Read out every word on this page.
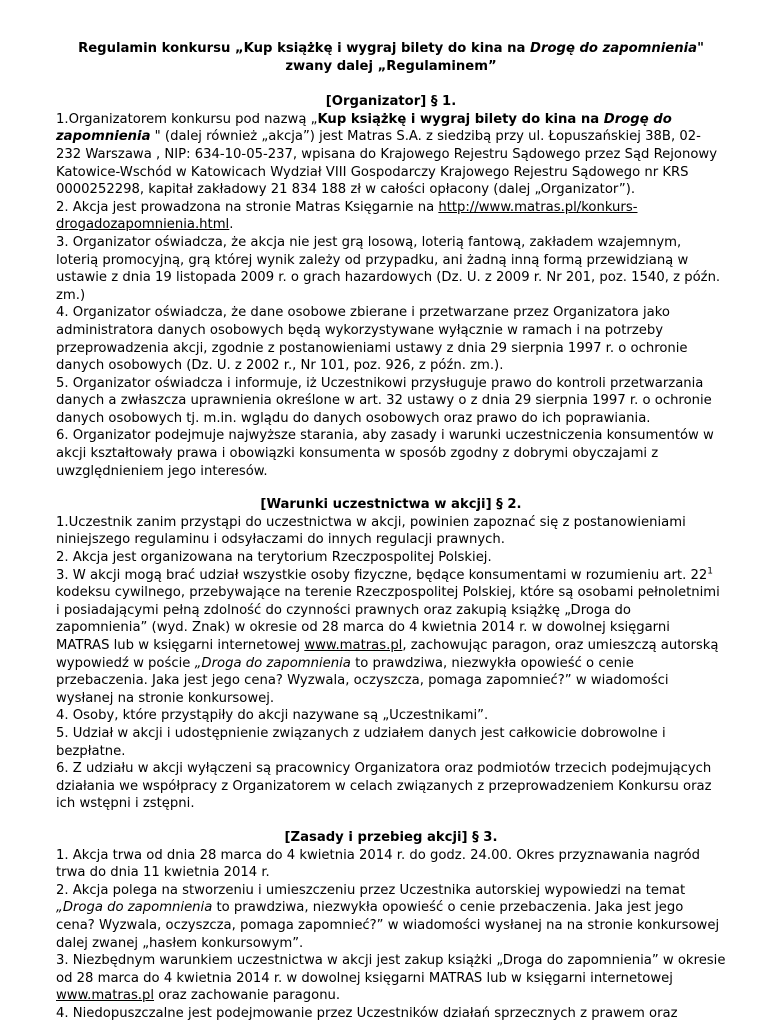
Regulamin konkursu „Kup książkę i wygraj bilety do kina na Drogę do zapomnienia"
zwany dalej „Regulaminem”
[Organizator] § 1.

1.Organizatorem konkursu pod nazwą „Kup książkę i wygraj bilety do kina na Drogę do zapomnienia " (dalej również „akcja”) jest Matras S.A. z siedzibą przy ul. Łopuszańskiej 38B, 02-232 Warszawa , NIP: 634-10-05-237, wpisana do Krajowego Rejestru Sądowego przez Sąd Rejonowy Katowice-Wschód w Katowicach Wydział VIII Gospodarczy Krajowego Rejestru Sądowego nr KRS 0000252298, kapitał zakładowy 21 834 188 zł w całości opłacony (dalej „Organizator”).

2. Akcja jest prowadzona na stronie Matras Księgarnie na http://www.matras.pl/konkurs-drogadozapomnienia.html.

3. Organizator oświadcza, że akcja nie jest grą losową, loterią fantową, zakładem wzajemnym, loterią promocyjną, grą której wynik zależy od przypadku, ani żadną inną formą przewidzianą w ustawie z dnia 19 listopada 2009 r. o grach hazardowych (Dz. U. z 2009 r. Nr 201, poz. 1540, z późn. zm.)

4. Organizator oświadcza, że dane osobowe zbierane i przetwarzane przez Organizatora jako administratora danych osobowych będą wykorzystywane wyłącznie w ramach i na potrzeby przeprowadzenia akcji, zgodnie z postanowieniami ustawy z dnia 29 sierpnia 1997 r. o ochronie danych osobowych (Dz. U. z 2002 r., Nr 101, poz. 926, z późn. zm.).

5. Organizator oświadcza i informuje, iż Uczestnikowi przysługuje prawo do kontroli przetwarzania danych a zwłaszcza uprawnienia określone w art. 32 ustawy o z dnia 29 sierpnia 1997 r. o ochronie danych osobowych tj. m.in. wglądu do danych osobowych oraz prawo do ich poprawiania.

6. Organizator podejmuje najwyższe starania, aby zasady i warunki uczestniczenia konsumentów w akcji kształtowały prawa i obowiązki konsumenta w sposób zgodny z dobrymi obyczajami z uwzględnieniem jego interesów.

[Warunki uczestnictwa w akcji] § 2.

1.Uczestnik zanim przystąpi do uczestnictwa w akcji, powinien zapoznać się z postanowieniami niniejszego regulaminu i odsyłaczami do innych regulacji prawnych.

2. Akcja jest organizowana na terytorium Rzeczpospolitej Polskiej.

3. W akcji mogą brać udział wszystkie osoby fizyczne, będące konsumentami w rozumieniu art. $22^1$ kodeksu cywilnego, przebywające na terenie Rzeczpospolitej Polskiej, które są osobami pełnoletnimi i posiadającymi pełną zdolność do czynności prawnych oraz zakupią książkę „Droga do zapomnienia” (wyd. Znak) w okresie od 28 marca do 4 kwietnia 2014 r. w dowolnej księgarni MATRAS lub w księgarni internetowej www.matras.pl, zachowując paragon, oraz umieszczą autorską wypowiedź w poście „Droga do zapomnienia to prawdziwa, niezwykła opowieść o cenie przebaczenia. Jaka jest jego cena? Wyzwala, oczyszcza, pomaga zapomnieć?” w wiadomości wysłanej na stronie konkursowej.

4. Osoby, które przystąpiły do akcji nazywane są „Uczestnikami”.

5. Udział w akcji i udostępnienie związanych z udziałem danych jest całkowicie dobrowolne i bezpłatne.

6. Z udziału w akcji wyłączeni są pracownicy Organizatora oraz podmiotów trzecich podejmujących działania we współpracy z Organizatorem w celach związanych z przeprowadzeniem Konkursu oraz ich wstępni i zstępni.

[Zasady i przebieg akcji] § 3.

1. Akcja trwa od dnia 28 marca do 4 kwietnia 2014 r. do godz. 24.00. Okres przyznawania nagród trwa do dnia 11 kwietnia 2014 r.

2. Akcja polega na stworzeniu i umieszczeniu przez Uczestnika autorskiej wypowiedzi na temat „Droga do zapomnienia to prawdziwa, niezwykła opowieść o cenie przebaczenia. Jaka jest jego cena? Wyzwala, oczyszcza, pomaga zapomnieć?” w wiadomości wysłanej na na stronie konkursowej dalej zwanej „hasłem konkursowym”.

3. Niezbędnym warunkiem uczestnictwa w akcji jest zakup książki „Droga do zapomnienia” w okresie od 28 marca do 4 kwietnia 2014 r. w dowolnej księgarni MATRAS lub w księgarni internetowej www.matras.pl oraz zachowanie paragonu.

4. Niedopuszczalne jest podejmowanie przez Uczestników działań sprzecznych z prawem oraz
